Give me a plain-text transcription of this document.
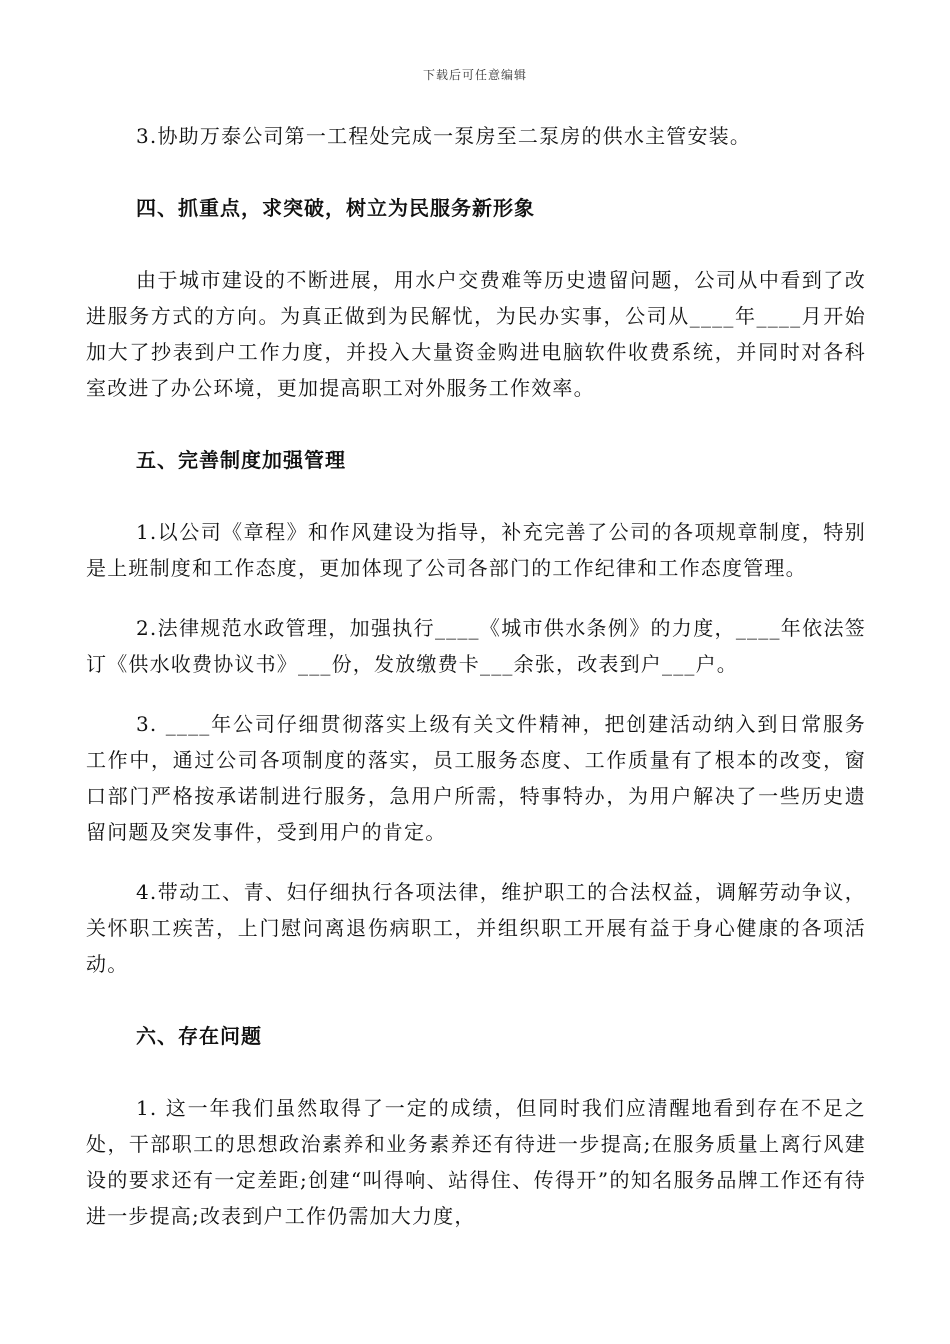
下载后可任意编辑

3.协助万泰公司第一工程处完成一泵房至二泵房的供水主管安装。

四、抓重点，求突破，树立为民服务新形象

由于城市建设的不断进展，用水户交费难等历史遗留问题，公司从中看到了改进服务方式的方向。为真正做到为民解忧，为民办实事，公司从____年____月开始加大了抄表到户工作力度，并投入大量资金购进电脑软件收费系统，并同时对各科室改进了办公环境，更加提高职工对外服务工作效率。

五、完善制度加强管理

1.以公司《章程》和作风建设为指导，补充完善了公司的各项规章制度，特别是上班制度和工作态度，更加体现了公司各部门的工作纪律和工作态度管理。

2.法律规范水政管理，加强执行____《城市供水条例》的力度，____年依法签订《供水收费协议书》___份，发放缴费卡___余张，改表到户___户。

3. ____年公司仔细贯彻落实上级有关文件精神，把创建活动纳入到日常服务工作中，通过公司各项制度的落实，员工服务态度、工作质量有了根本的改变，窗口部门严格按承诺制进行服务，急用户所需，特事特办，为用户解决了一些历史遗留问题及突发事件，受到用户的肯定。

4.带动工、青、妇仔细执行各项法律，维护职工的合法权益，调解劳动争议，关怀职工疾苦，上门慰问离退伤病职工，并组织职工开展有益于身心健康的各项活动。

六、存在问题

1. 这一年我们虽然取得了一定的成绩，但同时我们应清醒地看到存在不足之处，干部职工的思想政治素养和业务素养还有待进一步提高;在服务质量上离行风建设的要求还有一定差距;创建“叫得响、站得住、传得开”的知名服务品牌工作还有待进一步提高;改表到户工作仍需加大力度，
